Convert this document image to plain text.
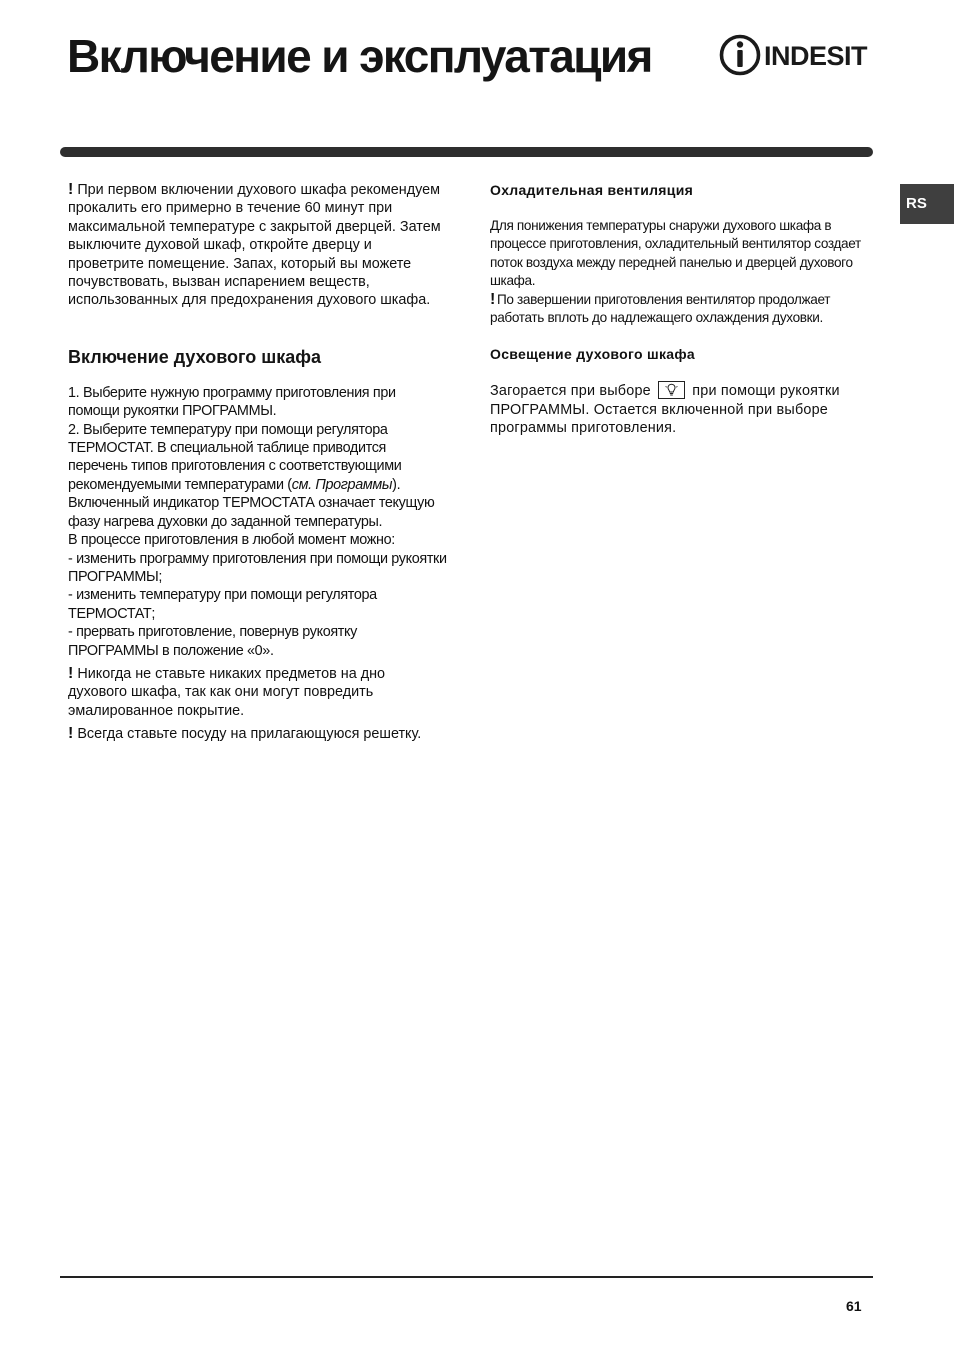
Включение и эксплуатация	INDESIT
RS

! При первом включении духового шкафа рекомендуем прокалить его примерно в течение 60 минут при максимальной температуре с закрытой дверцей. Затем выключите духовой шкаф, откройте дверцу и проветрите помещение. Запах, который вы можете почувствовать, вызван испарением веществ, использованных для предохранения духового шкафа.

Включение духового шкафа

1. Выберите нужную программу приготовления при помощи рукоятки ПРОГРАММЫ.

2. Выберите температуру при помощи регулятора ТЕРМОСТАТ. В специальной таблице приводится перечень типов приготовления с соответствующими рекомендуемыми температурами (см. Программы).

Включенный индикатор ТЕРМОСТАТА означает текущую фазу нагрева духовки до заданной температуры.

В процессе приготовления в любой момент можно:

- изменить программу приготовления при помощи рукоятки ПРОГРАММЫ;

- изменить температуру при помощи регулятора ТЕРМОСТАТ;

- прервать приготовление, повернув рукоятку ПРОГРАММЫ в положение «0».

! Никогда не ставьте никаких предметов на дно духового шкафа, так как они могут повредить эмалированное покрытие.

! Всегда ставьте посуду на прилагающуюся решетку.

Охладительная вентиляция

Для понижения температуры снаружи духового шкафа в процессе приготовления, охладительный вентилятор создает поток воздуха между передней панелью и дверцей духового шкафа.

! По завершении приготовления вентилятор продолжает работать вплоть до надлежащего охлаждения духовки.

Освещение духового шкафа

Загорается при выборе	при помощи рукоятки ПРОГРАММЫ. Остается включенной при выборе программы приготовления.

61
